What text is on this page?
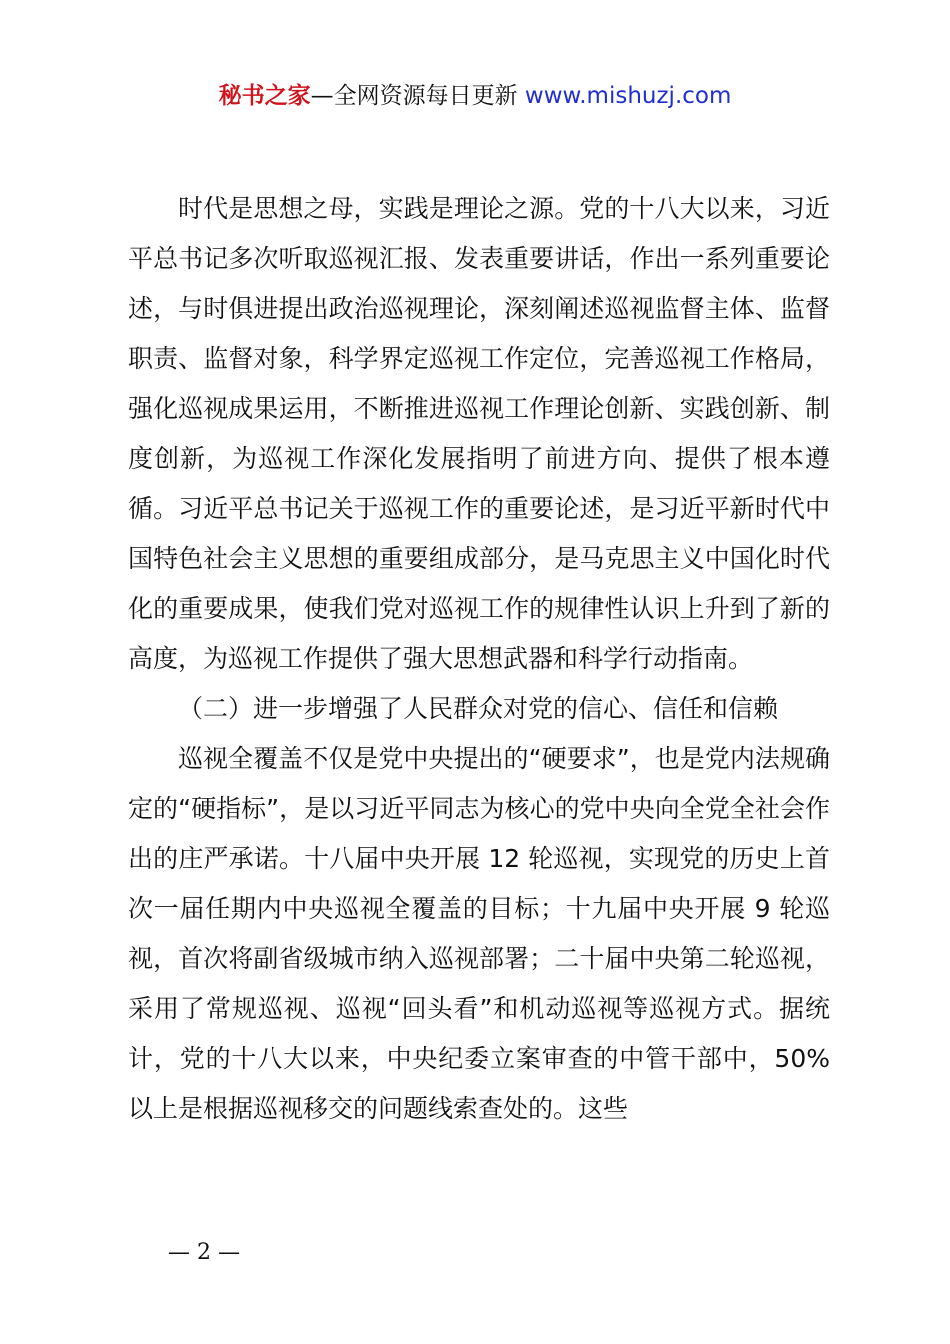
秘书之家—全网资源每日更新 www.mishuzj.com

时代是思想之母，实践是理论之源。党的十八大以来，习近平总书记多次听取巡视汇报、发表重要讲话，作出一系列重要论述，与时俱进提出政治巡视理论，深刻阐述巡视监督主体、监督职责、监督对象，科学界定巡视工作定位，完善巡视工作格局，强化巡视成果运用，不断推进巡视工作理论创新、实践创新、制度创新，为巡视工作深化发展指明了前进方向、提供了根本遵循。习近平总书记关于巡视工作的重要论述，是习近平新时代中国特色社会主义思想的重要组成部分，是马克思主义中国化时代化的重要成果，使我们党对巡视工作的规律性认识上升到了新的高度，为巡视工作提供了强大思想武器和科学行动指南。

（二）进一步增强了人民群众对党的信心、信任和信赖

巡视全覆盖不仅是党中央提出的“硬要求”，也是党内法规确定的“硬指标”，是以习近平同志为核心的党中央向全党全社会作出的庄严承诺。十八届中央开展 12 轮巡视，实现党的历史上首次一届任期内中央巡视全覆盖的目标；十九届中央开展 9 轮巡视，首次将副省级城市纳入巡视部署；二十届中央第二轮巡视，采用了常规巡视、巡视“回头看”和机动巡视等巡视方式。据统计，党的十八大以来，中央纪委立案审查的中管干部中，50%以上是根据巡视移交的问题线索查处的。这些

— 2 —
